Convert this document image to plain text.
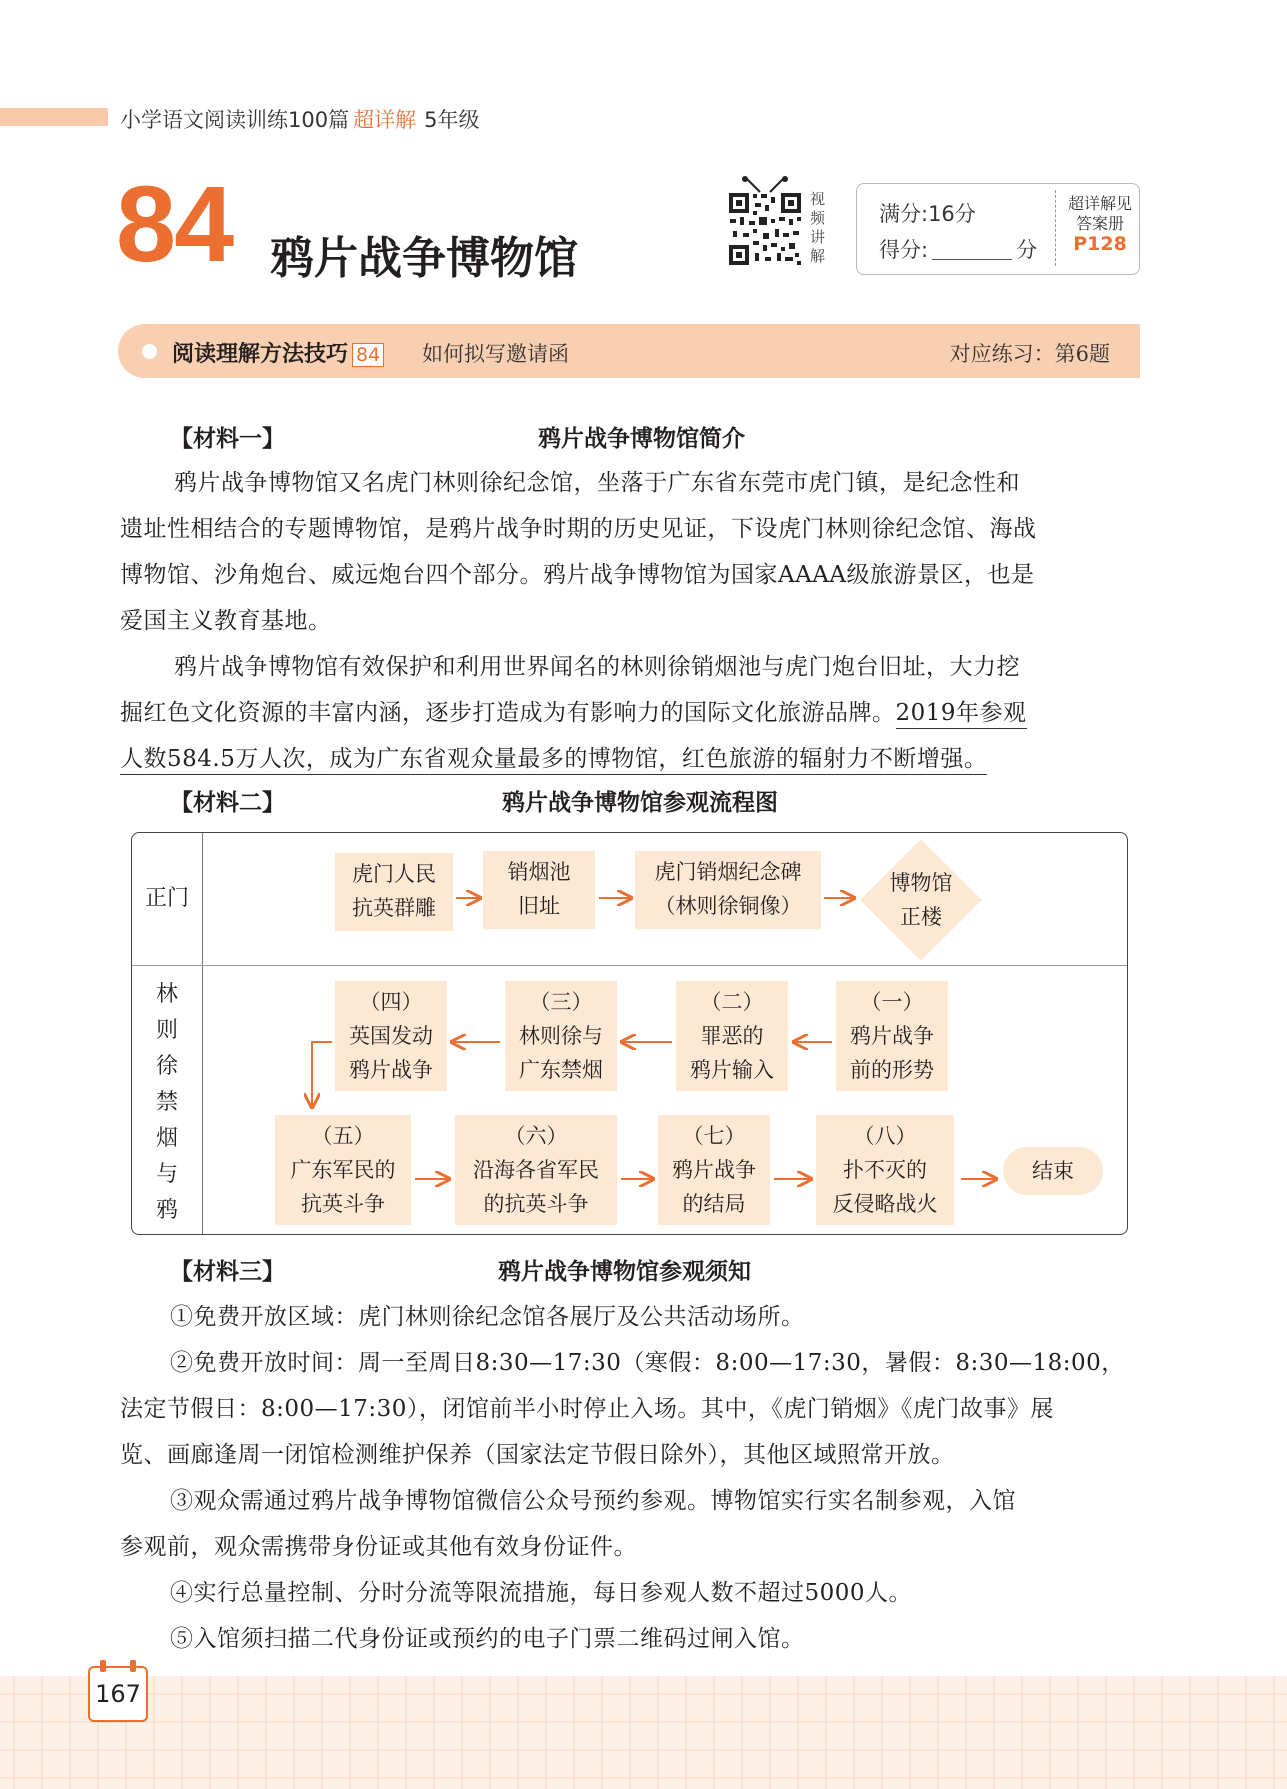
小学语文阅读训练100篇 超详解 5年级
84 鸦片战争博物馆
视频讲解
满分:16分
得分:	分
超详解见
答案册
P128
阅读理解方法技巧 84 如何拟写邀请函	对应练习：第6题
【材料一】	鸦片战争博物馆简介
鸦片战争博物馆又名虎门林则徐纪念馆，坐落于广东省东莞市虎门镇，是纪念性和
遗址性相结合的专题博物馆，是鸦片战争时期的历史见证，下设虎门林则徐纪念馆、海战
博物馆、沙角炮台、威远炮台四个部分。鸦片战争博物馆为国家AAAA级旅游景区，也是
爱国主义教育基地。
鸦片战争博物馆有效保护和利用世界闻名的林则徐销烟池与虎门炮台旧址，大力挖
掘红色文化资源的丰富内涵，逐步打造成为有影响力的国际文化旅游品牌。2019年参观
人数584.5万人次，成为广东省观众量最多的博物馆，红色旅游的辐射力不断增强。
【材料二】	鸦片战争博物馆参观流程图
正门
林则徐禁烟与鸦
虎门人民
抗英群雕
销烟池
旧址
虎门销烟纪念碑
（林则徐铜像）
博物馆
正楼
（一）
鸦片战争
前的形势
（二）
罪恶的
鸦片输入
（三）
林则徐与
广东禁烟
（四）
英国发动
鸦片战争
（五）
广东军民的
抗英斗争
（六）
沿海各省军民
的抗英斗争
（七）
鸦片战争
的结局
（八）
扑不灭的
反侵略战火
结束
【材料三】	鸦片战争博物馆参观须知
①免费开放区域：虎门林则徐纪念馆各展厅及公共活动场所。
②免费开放时间：周一至周日8:30—17:30（寒假：8:00—17:30，暑假：8:30—18:00，
法定节假日：8:00—17:30），闭馆前半小时停止入场。其中，《虎门销烟》《虎门故事》展
览、画廊逢周一闭馆检测维护保养（国家法定节假日除外），其他区域照常开放。
③观众需通过鸦片战争博物馆微信公众号预约参观。博物馆实行实名制参观，入馆
参观前，观众需携带身份证或其他有效身份证件。
④实行总量控制、分时分流等限流措施，每日参观人数不超过5000人。
⑤入馆须扫描二代身份证或预约的电子门票二维码过闸入馆。
167
